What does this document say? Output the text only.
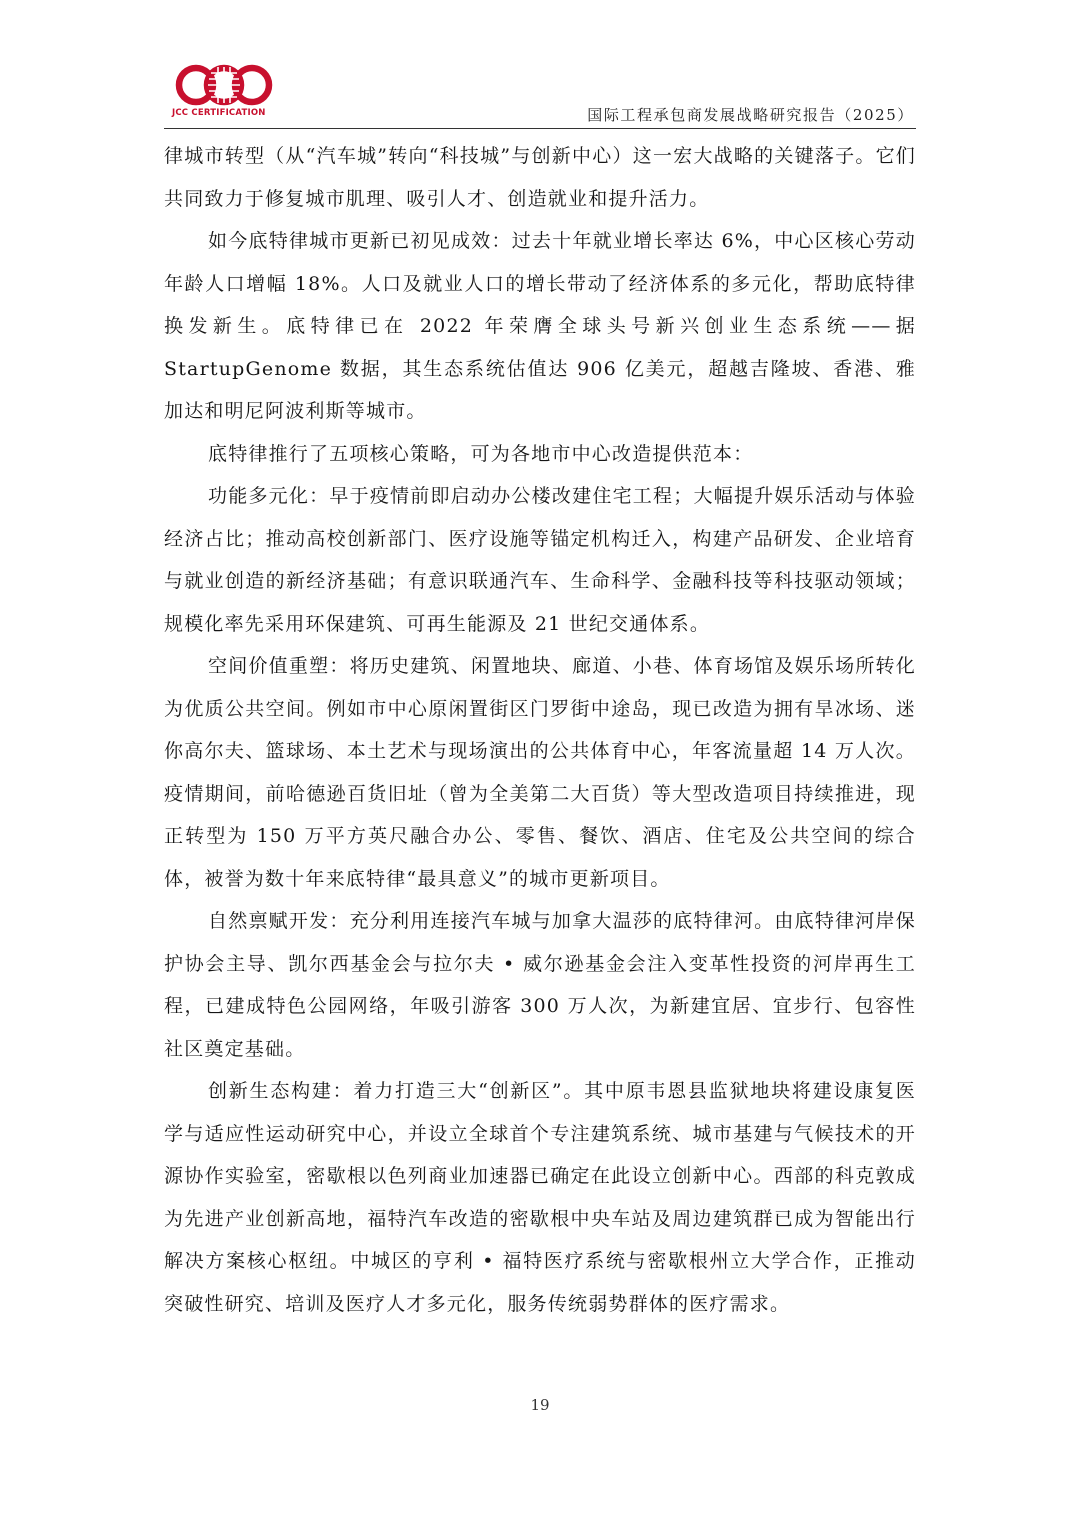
JCC CERTIFICATION	国际工程承包商发展战略研究报告（2025）

律城市转型（从“汽车城”转向“科技城”与创新中心）这一宏大战略的关键落子。它们共同致力于修复城市肌理、吸引人才、创造就业和提升活力。

如今底特律城市更新已初见成效：过去十年就业增长率达 6%，中心区核心劳动年龄人口增幅 18%。人口及就业人口的增长带动了经济体系的多元化，帮助底特律换发新生。底特律已在 2022 年荣膺全球头号新兴创业生态系统——据 StartupGenome 数据，其生态系统估值达 906 亿美元，超越吉隆坡、香港、雅加达和明尼阿波利斯等城市。

底特律推行了五项核心策略，可为各地市中心改造提供范本：

功能多元化：早于疫情前即启动办公楼改建住宅工程；大幅提升娱乐活动与体验经济占比；推动高校创新部门、医疗设施等锚定机构迁入，构建产品研发、企业培育与就业创造的新经济基础；有意识联通汽车、生命科学、金融科技等科技驱动领域；规模化率先采用环保建筑、可再生能源及 21 世纪交通体系。

空间价值重塑：将历史建筑、闲置地块、廊道、小巷、体育场馆及娱乐场所转化为优质公共空间。例如市中心原闲置街区门罗街中途岛，现已改造为拥有旱冰场、迷你高尔夫、篮球场、本土艺术与现场演出的公共体育中心，年客流量超 14 万人次。疫情期间，前哈德逊百货旧址（曾为全美第二大百货）等大型改造项目持续推进，现正转型为 150 万平方英尺融合办公、零售、餐饮、酒店、住宅及公共空间的综合体，被誉为数十年来底特律“最具意义”的城市更新项目。

自然禀赋开发：充分利用连接汽车城与加拿大温莎的底特律河。由底特律河岸保护协会主导、凯尔西基金会与拉尔夫 • 威尔逊基金会注入变革性投资的河岸再生工程，已建成特色公园网络，年吸引游客 300 万人次，为新建宜居、宜步行、包容性社区奠定基础。

创新生态构建：着力打造三大“创新区”。其中原韦恩县监狱地块将建设康复医学与适应性运动研究中心，并设立全球首个专注建筑系统、城市基建与气候技术的开源协作实验室，密歇根以色列商业加速器已确定在此设立创新中心。西部的科克敦成为先进产业创新高地，福特汽车改造的密歇根中央车站及周边建筑群已成为智能出行解决方案核心枢纽。中城区的亨利 • 福特医疗系统与密歇根州立大学合作，正推动突破性研究、培训及医疗人才多元化，服务传统弱势群体的医疗需求。

19
